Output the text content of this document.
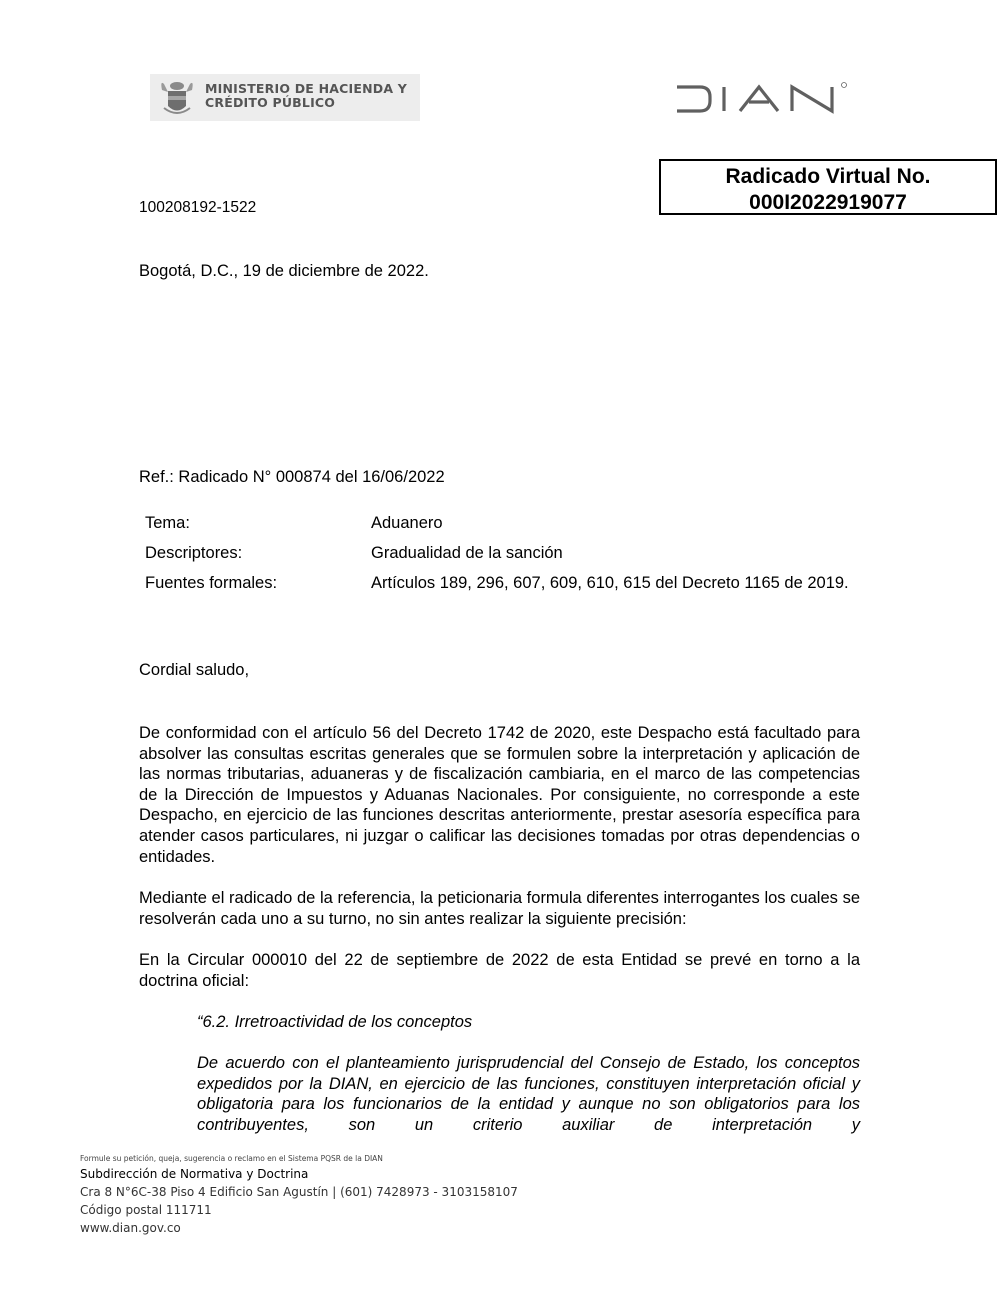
MINISTERIO DE HACIENDA Y
CRÉDITO PÚBLICO
Radicado Virtual No.
000I2022919077
100208192-1522
Bogotá, D.C., 19 de diciembre de 2022.
Ref.: Radicado N° 000874 del 16/06/2022
Tema:	Aduanero
Descriptores:	Gradualidad de la sanción
Fuentes formales:	Artículos 189, 296, 607, 609, 610, 615 del Decreto 1165 de 2019.
Cordial saludo,
De conformidad con el artículo 56 del Decreto 1742 de 2020, este Despacho está facultado para absolver las consultas escritas generales que se formulen sobre la interpretación y aplicación de las normas tributarias, aduaneras y de fiscalización cambiaria, en el marco de las competencias de la Dirección de Impuestos y Aduanas Nacionales. Por consiguiente, no corresponde a este Despacho, en ejercicio de las funciones descritas anteriormente, prestar asesoría específica para atender casos particulares, ni juzgar o calificar las decisiones tomadas por otras dependencias o entidades.
Mediante el radicado de la referencia, la peticionaria formula diferentes interrogantes los cuales se resolverán cada uno a su turno, no sin antes realizar la siguiente precisión:
En la Circular 000010 del 22 de septiembre de 2022 de esta Entidad se prevé en torno a la doctrina oficial:
“6.2. Irretroactividad de los conceptos
De acuerdo con el planteamiento jurisprudencial del Consejo de Estado, los conceptos expedidos por la DIAN, en ejercicio de las funciones, constituyen interpretación oficial y obligatoria para los funcionarios de la entidad y aunque no son obligatorios para los contribuyentes, son un criterio auxiliar de interpretación y
Formule su petición, queja, sugerencia o reclamo en el Sistema PQSR de la DIAN
Subdirección de Normativa y Doctrina
Cra 8 N°6C-38 Piso 4 Edificio San Agustín | (601) 7428973 - 3103158107
Código postal 111711
www.dian.gov.co
